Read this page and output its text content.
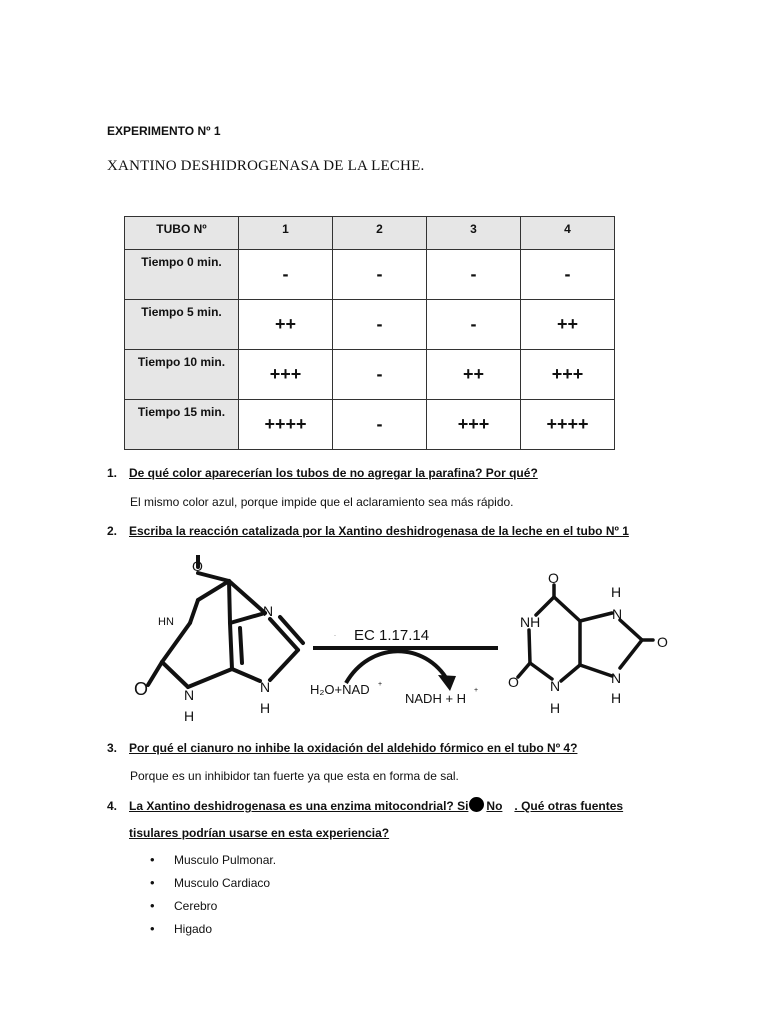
EXPERIMENTO Nº 1
XANTINO DESHIDROGENASA DE LA LECHE.
TUBO Nº	1	2	3	4
Tiempo 0 min.	-	-	-	-
Tiempo 5 min.	++	-	-	++
Tiempo 10 min.	+++	-	++	+++
Tiempo 15 min.	++++	-	+++	++++
1. De qué color aparecerían los tubos de no agregar la parafina? Por qué?
El mismo color azul, porque impide que el aclaramiento sea más rápido.
2. Escriba la reacción catalizada por la Xantino deshidrogenasa de la leche en el tubo Nº 1
O
HN
N
O	N
H
N
H
· EC 1.17.14
H₂O+NAD +
NADH + H
+
O
NH
H
N
O
O N
H
N
H
3. Por qué el cianuro no inhibe la oxidación del aldehido fórmico en el tubo Nº 4?
Porque es un inhibidor tan fuerte ya que esta en forma de sal.
4. La Xantino deshidrogenasa es una enzima mitocondrial? Si No . Qué otras fuentes
tisulares podrían usarse en esta experiencia?
• Musculo Pulmonar.
• Musculo Cardiaco
• Cerebro
• Higado
